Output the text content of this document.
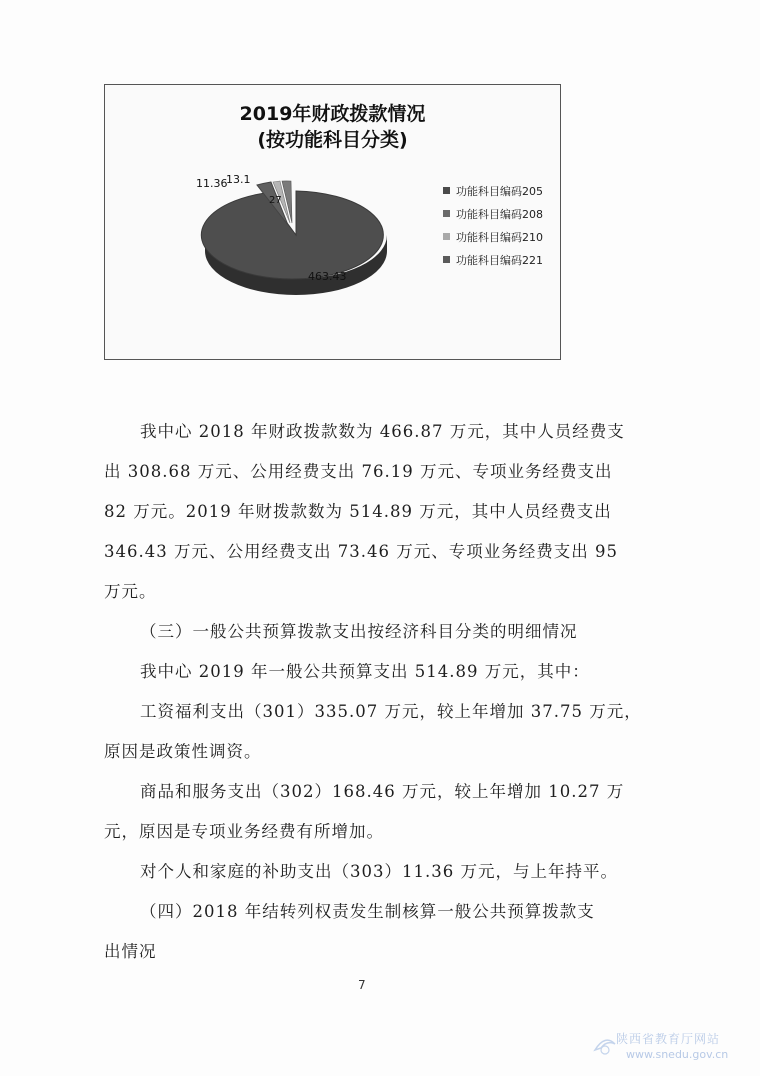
2019年财政拨款情况
(按功能科目分类)
463.43
11.36
13.1
27
功能科目编码205
功能科目编码208
功能科目编码210
功能科目编码221
我中心 2018 年财政拨款数为 466.87 万元，其中人员经费支
出 308.68 万元、公用经费支出 76.19 万元、专项业务经费支出
82 万元。2019 年财拨款数为 514.89 万元，其中人员经费支出
346.43 万元、公用经费支出 73.46 万元、专项业务经费支出 95
万元。
（三）一般公共预算拨款支出按经济科目分类的明细情况
我中心 2019 年一般公共预算支出 514.89 万元，其中：
工资福利支出（301）335.07 万元，较上年增加 37.75 万元，
原因是政策性调资。
商品和服务支出（302）168.46 万元，较上年增加 10.27 万
元，原因是专项业务经费有所增加。
对个人和家庭的补助支出（303）11.36 万元，与上年持平。
（四）2018 年结转列权责发生制核算一般公共预算拨款支
出情况
7
陕西省教育厅网站
www.snedu.gov.cn
